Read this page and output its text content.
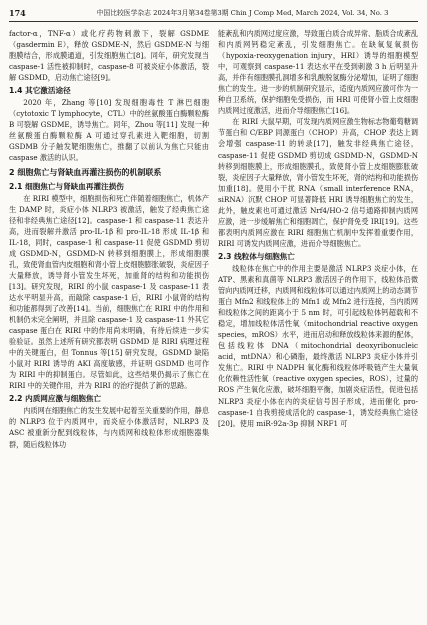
174	中国比较医学杂志 2024年3月第34卷第3期 Chin J Comp Med, March 2024, Vol. 34, No. 3

factor-α，TNF-α）或化疗药物刺激下，裂解 GSDME（gasdermin E），释放 GSDME-N，然后 GSDME-N 与细胞膜结合，形成膜通道，引发细胞焦亡[8]。同年，研究发现当 caspase-1 活性被抑制时，caspase-8 可被炎症小体激活，裂解 GSDMD，启动焦亡途径[9]。

1.4 其它激活途径

2020 年，Zhang 等[10] 发现细胞毒性 T 淋巴细胞（cytotoxic T lymphocyte，CTL）中的丝氨酸蛋白酶颗粒酶 B 可裂解 GSDME，诱导焦亡。同年，Zhou 等[11] 发现一种丝氨酸蛋白酶颗粒酶 A 可通过穿孔素进入靶细胞，切割 GSDMB 分子触发靶细胞焦亡，推翻了以前认为焦亡只能由 caspase 激活的认识。

2 细胞焦亡与肾缺血再灌注损伤的机制联系
2.1 细胞焦亡与肾缺血再灌注损伤

在 RIRI 模型中，细胞损伤和死亡伴随着细胞焦亡，机体产生 DAMP 时，炎症小体 NLRP3 被激活，触发了经典焦亡途径和非经典焦亡途径[12]。caspase-1 和 caspase-11 表达升高，进而裂解并激活 pro-IL-1β 和 pro-IL-18 形成 IL-1β 和 IL-18，同时，caspase-1 和 caspase-11 促使 GSDMD 剪切成 GSDMD-N，GSDMD-N 转移到细胞膜上，形成细胞膜孔，致使肾血管内皮细胞和肾小管上皮细胞膨胀破裂，炎症因子大量释放，诱导肾小管发生坏死，加重肾的结构和功能损伤[13]。研究发现，RIRI 的小鼠 caspase-1 及 caspase-11 表达水平明显升高，而敲除 caspase-1 后，RIRI 小鼠肾的结构和功能都得到了改善[14]。当前，细胞焦亡在 RIRI 中的作用和机制仍未完全阐明，并且除 caspase-1 及 caspase-11 外其它 caspase 蛋白在 RIRI 中的作用尚未明确，有待后续进一步实验验证。虽然上述所有研究都表明 GSDMD 是 RIRI 病理过程中的关键蛋白，但 Tonnus 等[15] 研究发现，GSDMD 缺陷小鼠对 RIRI 诱导的 AKI 高度敏感，并证明 GSDMD 也可作为 RIRI 中的抑制蛋白。尽管如此，这些结果仍揭示了焦亡在 RIRI 中的关键作用，并为 RIRI 的治疗提供了新的思路。

2.2 内质网应激与细胞焦亡

内质网在细胞焦亡的发生发展中起着至关重要的作用，静息的 NLRP3 位于内质网中，而炎症小体激活时，NLRP3 及 ASC 被重新分配到线粒体，与内质网和线粒体形成细胞器集群，随后线粒体功

能紊乱和内质网过度应激，导致蛋白质合成异常、脂质合成紊乱和内质网钙稳定紊乱，引发细胞焦亡。在缺氧复氧损伤（hypoxia-reoxygenation injury，HRI）诱导的细胞模型中，可观察到 caspase-11 表达水平在受到刺激 3 h 后明显升高，并伴有细胞膜孔洞增多和乳酸脱氢酶分泌增加，证明了细胞焦亡的发生。进一步的机制研究显示，适度内质网应激可作为一种自卫系统，保护细胞免受损伤，而 HRI 可使肾小管上皮细胞内质网过度激活，进而介导细胞焦亡[16]。

在 RIRI 大鼠早期，可发现内质网应激生物标志物葡萄糖调节蛋白和 C/EBP 同源蛋白（CHOP）升高，CHOP 表达上调会增强 caspase-11 的转录[17]，触发非经典焦亡途径，caspase-11 促使 GSDMD 剪切成 GSDMD-N，GSDMD-N 转移到细胞膜上，形成细胞膜孔，致使肾小管上皮细胞膨胀破裂，炎症因子大量释放，肾小管发生坏死，肾的结构和功能损伤加重[18]。使用小干扰 RNA（small interference RNA，siRNA）沉默 CHOP 可显著降低 HRI 诱导细胞焦亡的发生，此外，触皮素也可通过激活 Nrf4/HO-2 信号通路抑制内质网应激，进一步缓解焦亡和细胞凋亡，保护肾免受 IRI[19]。这些都表明内质网应激在 RIRI 细胞焦亡机制中发挥着重要作用，RIRI 可诱发内质网应激，进而介导细胞焦亡。

2.3 线粒体与细胞焦亡

线粒体在焦亡中的作用主要是激活 NLRP3 炎症小体，在 ATP、黑素和真菌等 NLRP3 激活因子的作用下，线粒体沿微管向内质网迁移，内质网和线粒体可以通过内质网上的动态调节蛋白 Mfn2 和线粒体上的 Mfn1 或 Mfn2 进行连接，当内质网和线粒体之间的距离小于 5 nm 时，可引起线粒体钙超载和不稳定，增加线粒体活性氧（mitochondrial reactive oxygen species，mROS）水平，进而启动和释放线粒体来源的配体，包括线粒体 DNA（mitochondrial deoxyribonucleic acid，mtDNA）和心磷脂，最终激活 NLRP3 炎症小体并引发焦亡。RIRI 中 NADPH 氧化酶和线粒体呼吸链产生大量氧化依赖性活性氧（reactive oxygen species，ROS），过量的 ROS 产生氧化应激，破坏细胞平衡，加剧炎症活性，促进包括 NLRP3 炎症小体在内的炎症信号因子形成，进而催化 pro-caspase-1 自我剪接成活化的 caspase-1，诱发经典焦亡途径[20]。使用 miR-92a-3p 抑制 NRF1 可
